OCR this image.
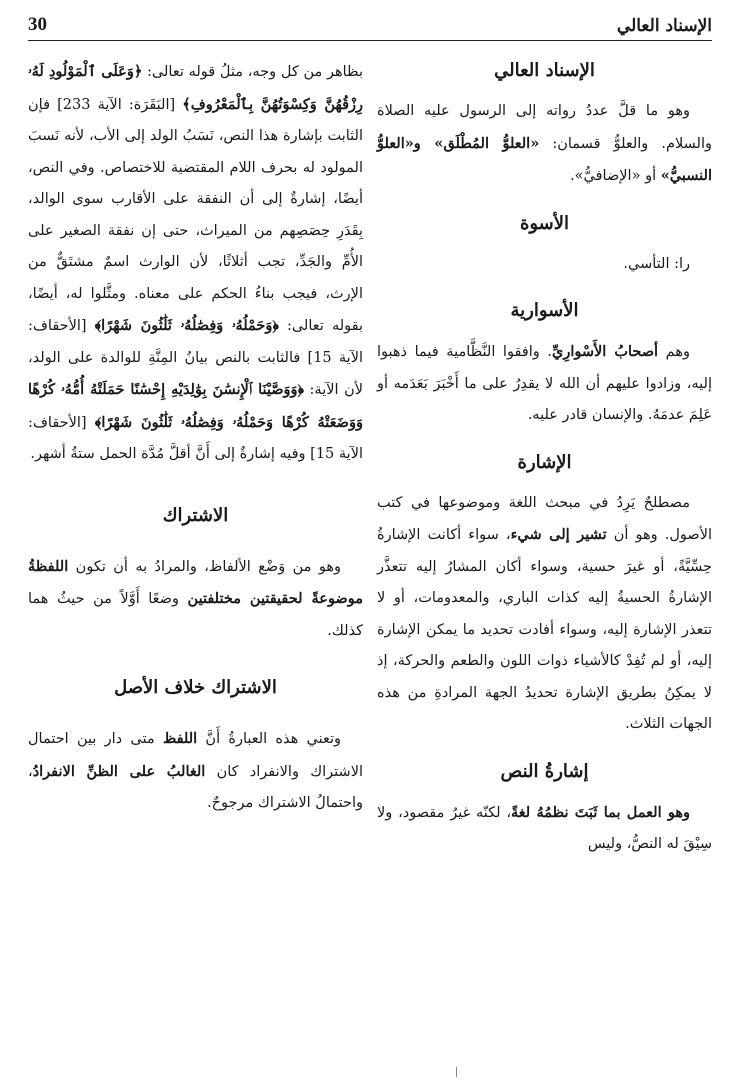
30	الإسناد العالي
الإسناد العالي

وهو ما قلَّ عددُ رواته إلى الرسول عليه الصلاة والسلام. والعلوُّ قسمان: «العلوُّ المُطْلَق» و«العلوُّ النسبيُّ» أو «الإضافيُّ».

الأسوة

را: التأسي.

الأسوارية

وهم أصحابُ الأَسْوارِيِّ. وافقوا النَّظَّامية فيما ذهبوا إليه، وزادوا عليهم أن الله لا يقدِرُ على ما أَخْبَرَ بَعَدَمه أو عَلِمَ عدمَهُ. والإنسان قادر عليه.

الإشارة

مصطلحٌ يَرِدُ في مبحث اللغة وموضوعها في كتب الأصول. وهو أن تشير إلى شيء، سواء أكانت الإشارةُ حِسِّيَّةً، أو غيرَ حسية، وسواء أكان المشارُ إليه تتعذَّر الإشارةُ الحسيةُ إليه كذات الباري، والمعدومات، أو لا تتعذر الإشارة إليه، وسواء أفادت تحديد ما يمكن الإشارة إليه، أو لم تُفِدْ كالأشياء ذوات اللون والطعم والحركة، إذ لا يمكِنُ بطريق الإشارة تحديدُ الجهة المرادةِ من هذه الجهات الثلاث.

إشارةُ النص

وهو العمل بما ثَبَتَ نظمُهُ لغةً، لكنّه غيرُ مقصود، ولا سِيْقَ له النصُّ، وليس

بظاهر من كل وجه، مثلُ قوله تعالى: ﴿وَعَلَى ٱلْمَوْلُودِ لَهُۥ رِزْقُهُنَّ وَكِسْوَتُهُنَّ بِٱلْمَعْرُوفِ﴾ [البَقَرَة: الآية 233] فإن الثابت بإشارة هذا النص، نَسَبُ الولد إلى الأب، لأنه نَسبَ المولود له بحرف اللام المقتضية للاختصاص. وفي النص، أيضًا، إشارةٌ إلى أن النفقة على الأقارب سوى الوالد، بِقَدَرِ حِصَصِهم من الميراث، حتى إن نفقة الصغير على الأُمِّ والجَدِّ، تجب أثلاثًا، لأن الوارث اسمٌ مشتَقٌّ من الإرث، فيجب بناءُ الحكم على معناه. ومثَّلوا له، أيضًا، بقوله تعالى: ﴿وَحَمْلُهُۥ وَفِصَٰلُهُۥ ثَلَٰثُونَ شَهْرًا﴾ [الأحقاف: الآية 15] فالثابت بالنص بيانُ المِنَّةِ للوالدة على الولد، لأن الآية: ﴿وَوَصَّيْنَا ٱلْإِنسَٰنَ بِوَٰلِدَيْهِ إِحْسَٰنًا حَمَلَتْهُ أُمُّهُۥ كُرْهًا وَوَضَعَتْهُ كُرْهًا وَحَمْلُهُۥ وَفِصَٰلُهُۥ ثَلَٰثُونَ شَهْرًا﴾ [الأحقاف: الآية 15] وفيه إشارةٌ إلى أَنَّ أقلَّ مُدَّة الحمل ستةُ أشهر.

الاشتراك

وهو من وَضْع الألفاظ، والمرادُ به أن تكون اللفظةُ موضوعةً لحقيقتين مختلفتين وضعًا أَوَّلاً من حيثُ هما كذلك.

الاشتراك خلاف الأصل

وتعني هذه العبارةُ أَنَّ اللفظ متى دار بين احتمال الاشتراك والانفراد كان الغالبُ على الظنِّ الانفرادُ، واحتمالُ الاشتراك مرجوحٌ.
